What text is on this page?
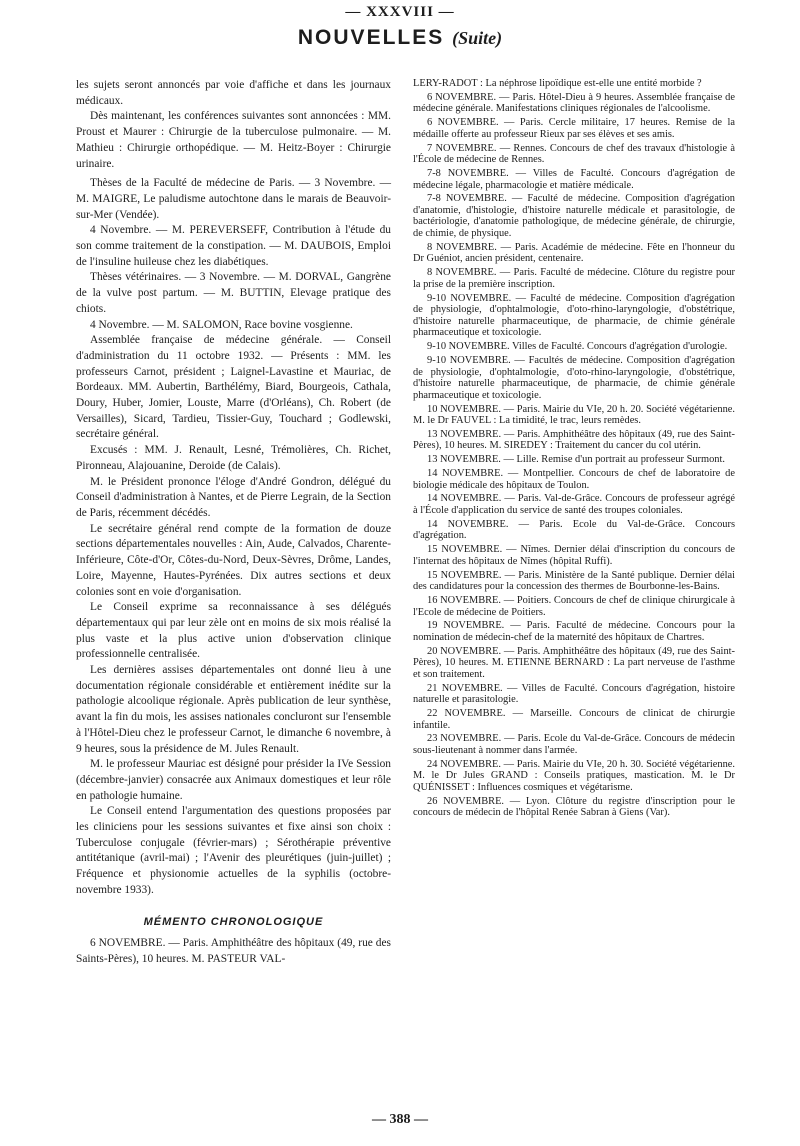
— XXXVIII —
NOUVELLES (Suite)

les sujets seront annoncés par voie d'affiche et dans les journaux médicaux.

Dès maintenant, les conférences suivantes sont annoncées : MM. Proust et Maurer : Chirurgie de la tuberculose pulmonaire. — M. Mathieu : Chirurgie orthopédique. — M. Heitz-Boyer : Chirurgie urinaire.

Thèses de la Faculté de médecine de Paris. — 3 Novembre. — M. MAIGRE, Le paludisme autochtone dans le marais de Beauvoir-sur-Mer (Vendée).

4 Novembre. — M. PEREVERSEFF, Contribution à l'étude du son comme traitement de la constipation. — M. DAUBOIS, Emploi de l'insuline huileuse chez les diabétiques.

Thèses vétérinaires. — 3 Novembre. — M. DORVAL, Gangrène de la vulve post partum. — M. BUTTIN, Elevage pratique des chiots.

4 Novembre. — M. SALOMON, Race bovine vosgienne.

Assemblée française de médecine générale. — Conseil d'administration du 11 octobre 1932. — Présents : MM. les professeurs Carnot, président ; Laignel-Lavastine et Mauriac, de Bordeaux. MM. Aubertin, Barthélémy, Biard, Bourgeois, Cathala, Doury, Huber, Jomier, Louste, Marre (d'Orléans), Ch. Robert (de Versailles), Sicard, Tardieu, Tissier-Guy, Touchard ; Godlewski, secrétaire général.

Excusés : MM. J. Renault, Lesné, Trémolières, Ch. Richet, Pironneau, Alajouanine, Deroide (de Calais).

M. le Président prononce l'éloge d'André Gondron, délégué du Conseil d'administration à Nantes, et de Pierre Legrain, de la Section de Paris, récemment décédés.

Le secrétaire général rend compte de la formation de douze sections départementales nouvelles : Ain, Aude, Calvados, Charente-Inférieure, Côte-d'Or, Côtes-du-Nord, Deux-Sèvres, Drôme, Landes, Loire, Mayenne, Hautes-Pyrénées. Dix autres sections et deux colonies sont en voie d'organisation.

Le Conseil exprime sa reconnaissance à ses délégués départementaux qui par leur zèle ont en moins de six mois réalisé la plus vaste et la plus active union d'observation clinique professionnelle centralisée.

Les dernières assises départementales ont donné lieu à une documentation régionale considérable et entièrement inédite sur la pathologie alcoolique régionale. Après publication de leur synthèse, avant la fin du mois, les assises nationales concluront sur l'ensemble à l'Hôtel-Dieu chez le professeur Carnot, le dimanche 6 novembre, à 9 heures, sous la présidence de M. Jules Renault.

M. le professeur Mauriac est désigné pour présider la IVe Session (décembre-janvier) consacrée aux Animaux domestiques et leur rôle en pathologie humaine.

Le Conseil entend l'argumentation des questions proposées par les cliniciens pour les sessions suivantes et fixe ainsi son choix : Tuberculose conjugale (février-mars) ; Sérothérapie préventive antitétanique (avril-mai) ; l'Avenir des pleurétiques (juin-juillet) ; Fréquence et physionomie actuelles de la syphilis (octobre-novembre 1933).

MÉMENTO CHRONOLOGIQUE

6 NOVEMBRE. — Paris. Amphithéâtre des hôpitaux (49, rue des Saints-Pères), 10 heures. M. PASTEUR VAL-

LERY-RADOT : La néphrose lipoïdique est-elle une entité morbide ?

6 NOVEMBRE. — Paris. Hôtel-Dieu à 9 heures. Assemblée française de médecine générale. Manifestations cliniques régionales de l'alcoolisme.

6 NOVEMBRE. — Paris. Cercle militaire, 17 heures. Remise de la médaille offerte au professeur Rieux par ses élèves et ses amis.

7 NOVEMBRE. — Rennes. Concours de chef des travaux d'histologie à l'École de médecine de Rennes.

7-8 NOVEMBRE. — Villes de Faculté. Concours d'agrégation de médecine légale, pharmacologie et matière médicale.

7-8 NOVEMBRE. — Faculté de médecine. Composition d'agrégation d'anatomie, d'histologie, d'histoire naturelle médicale et parasitologie, de bactériologie, d'anatomie pathologique, de médecine générale, de chirurgie, de chimie, de physique.

8 NOVEMBRE. — Paris. Académie de médecine. Fête en l'honneur du Dr Guéniot, ancien président, centenaire.

8 NOVEMBRE. — Paris. Faculté de médecine. Clôture du registre pour la prise de la première inscription.

9-10 NOVEMBRE. — Faculté de médecine. Composition d'agrégation de physiologie, d'ophtalmologie, d'oto-rhino-laryngologie, d'obstétrique, d'histoire naturelle pharmaceutique, de pharmacie, de chimie générale pharmaceutique et toxicologie.

9-10 NOVEMBRE. Villes de Faculté. Concours d'agrégation d'urologie.

9-10 NOVEMBRE. — Facultés de médecine. Composition d'agrégation de physiologie, d'ophtalmologie, d'oto-rhino-laryngologie, d'obstétrique, d'histoire naturelle pharmaceutique, de pharmacie, de chimie générale pharmaceutique et toxicologie.

10 NOVEMBRE. — Paris. Mairie du VIe, 20 h. 20. Société végétarienne. M. le Dr FAUVEL : La timidité, le trac, leurs remèdes.

13 NOVEMBRE. — Paris. Amphithéâtre des hôpitaux (49, rue des Saint-Pères), 10 heures. M. SIREDEY : Traitement du cancer du col utérin.

13 NOVEMBRE. — Lille. Remise d'un portrait au professeur Surmont.

14 NOVEMBRE. — Montpellier. Concours de chef de laboratoire de biologie médicale des hôpitaux de Toulon.

14 NOVEMBRE. — Paris. Val-de-Grâce. Concours de professeur agrégé à l'École d'application du service de santé des troupes coloniales.

14 NOVEMBRE. — Paris. Ecole du Val-de-Grâce. Concours d'agrégation.

15 NOVEMBRE. — Nîmes. Dernier délai d'inscription du concours de l'internat des hôpitaux de Nîmes (hôpital Ruffi).

15 NOVEMBRE. — Paris. Ministère de la Santé publique. Dernier délai des candidatures pour la concession des thermes de Bourbonne-les-Bains.

16 NOVEMBRE. — Poitiers. Concours de chef de clinique chirurgicale à l'Ecole de médecine de Poitiers.

19 NOVEMBRE. — Paris. Faculté de médecine. Concours pour la nomination de médecin-chef de la maternité des hôpitaux de Chartres.

20 NOVEMBRE. — Paris. Amphithéâtre des hôpitaux (49, rue des Saint-Pères), 10 heures. M. ETIENNE BERNARD : La part nerveuse de l'asthme et son traitement.

21 NOVEMBRE. — Villes de Faculté. Concours d'agrégation, histoire naturelle et parasitologie.

22 NOVEMBRE. — Marseille. Concours de clinicat de chirurgie infantile.

23 NOVEMBRE. — Paris. Ecole du Val-de-Grâce. Concours de médecin sous-lieutenant à nommer dans l'armée.

24 NOVEMBRE. — Paris. Mairie du VIe, 20 h. 30. Société végétarienne. M. le Dr Jules GRAND : Conseils pratiques, mastication. M. le Dr QUÉNISSET : Influences cosmiques et végétarisme.

26 NOVEMBRE. — Lyon. Clôture du registre d'inscription pour le concours de médecin de l'hôpital Renée Sabran à Giens (Var).

— 388 —
